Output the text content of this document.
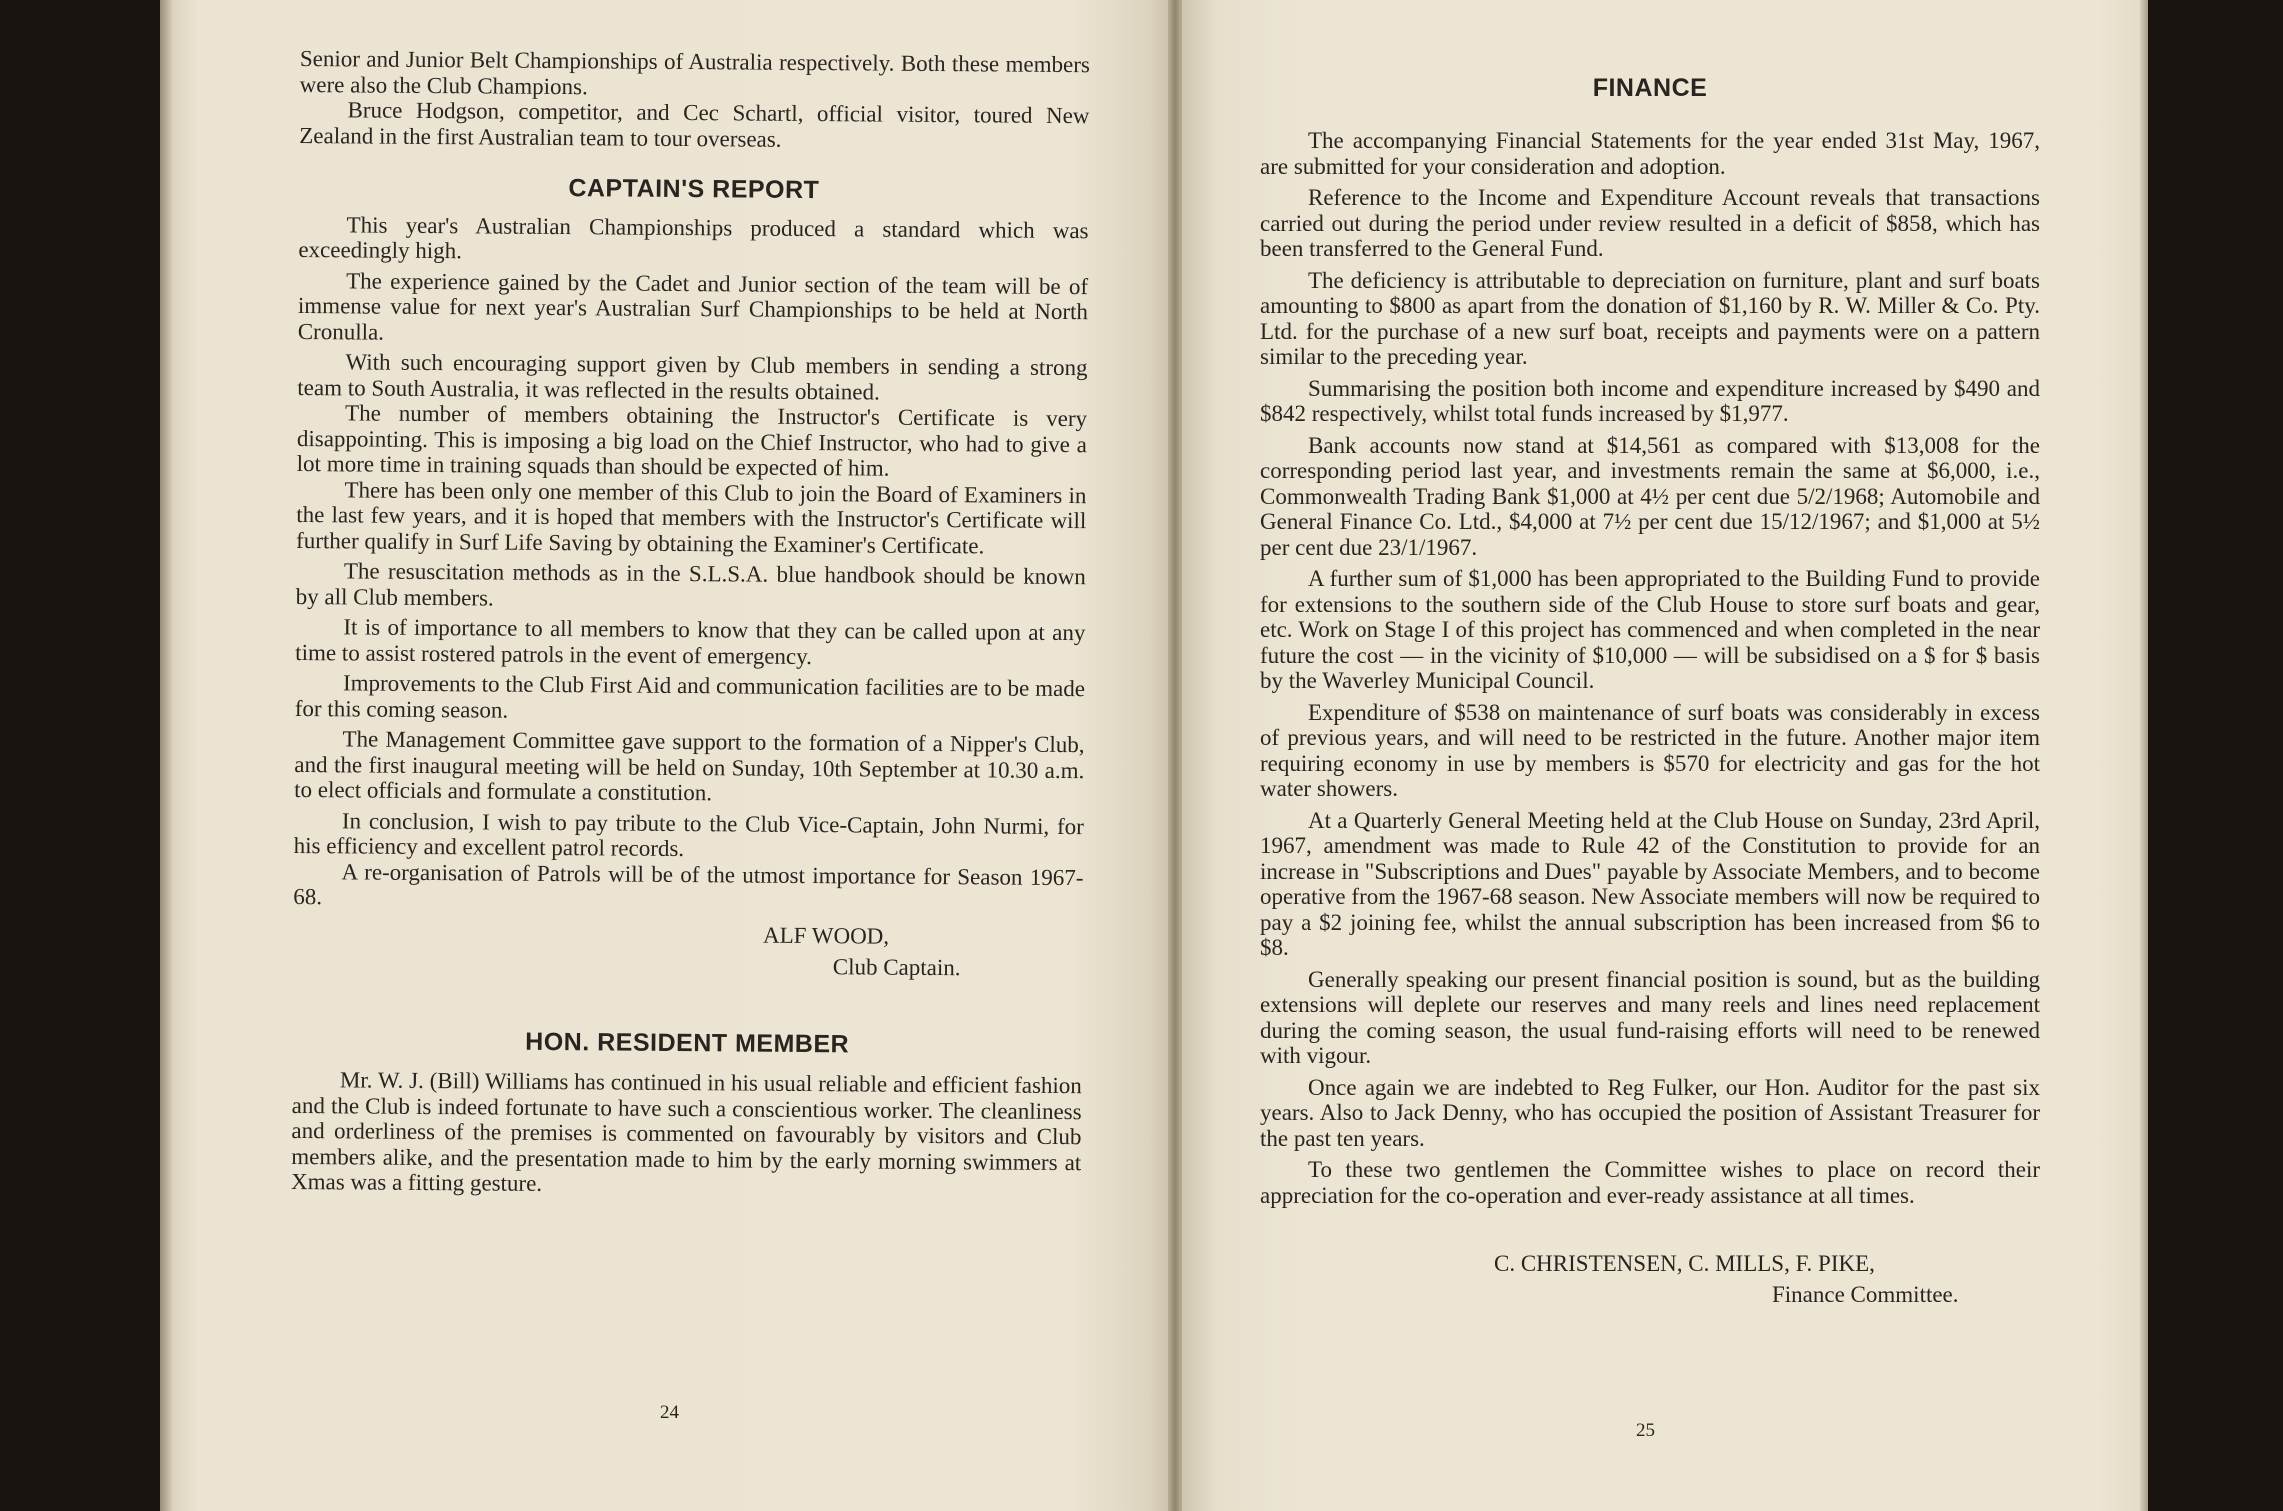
Senior and Junior Belt Championships of Australia respectively. Both these members were also the Club Champions.

Bruce Hodgson, competitor, and Cec Schartl, official visitor, toured New Zealand in the first Australian team to tour overseas.

CAPTAIN'S REPORT

This year's Australian Championships produced a standard which was exceedingly high.

The experience gained by the Cadet and Junior section of the team will be of immense value for next year's Australian Surf Championships to be held at North Cronulla.

With such encouraging support given by Club members in sending a strong team to South Australia, it was reflected in the results obtained.

The number of members obtaining the Instructor's Certificate is very disappointing. This is imposing a big load on the Chief Instructor, who had to give a lot more time in training squads than should be expected of him.

There has been only one member of this Club to join the Board of Examiners in the last few years, and it is hoped that members with the Instructor's Certificate will further qualify in Surf Life Saving by obtaining the Examiner's Certificate.

The resuscitation methods as in the S.L.S.A. blue handbook should be known by all Club members.

It is of importance to all members to know that they can be called upon at any time to assist rostered patrols in the event of emergency.

Improvements to the Club First Aid and communication facilities are to be made for this coming season.

The Management Committee gave support to the formation of a Nipper's Club, and the first inaugural meeting will be held on Sunday, 10th September at 10.30 a.m. to elect officials and formulate a constitution.

In conclusion, I wish to pay tribute to the Club Vice-Captain, John Nurmi, for his efficiency and excellent patrol records.

A re-organisation of Patrols will be of the utmost importance for Season 1967-68.

ALF WOOD,

Club Captain.

HON. RESIDENT MEMBER

Mr. W. J. (Bill) Williams has continued in his usual reliable and efficient fashion and the Club is indeed fortunate to have such a conscientious worker. The cleanliness and orderliness of the premises is commented on favourably by visitors and Club members alike, and the presentation made to him by the early morning swimmers at Xmas was a fitting gesture.

24

FINANCE

The accompanying Financial Statements for the year ended 31st May, 1967, are submitted for your consideration and adoption.

Reference to the Income and Expenditure Account reveals that transactions carried out during the period under review resulted in a deficit of $858, which has been transferred to the General Fund.

The deficiency is attributable to depreciation on furniture, plant and surf boats amounting to $800 as apart from the donation of $1,160 by R. W. Miller & Co. Pty. Ltd. for the purchase of a new surf boat, receipts and payments were on a pattern similar to the preceding year.

Summarising the position both income and expenditure increased by $490 and $842 respectively, whilst total funds increased by $1,977.

Bank accounts now stand at $14,561 as compared with $13,008 for the corresponding period last year, and investments remain the same at $6,000, i.e., Commonwealth Trading Bank $1,000 at 4½ per cent due 5/2/1968; Automobile and General Finance Co. Ltd., $4,000 at 7½ per cent due 15/12/1967; and $1,000 at 5½ per cent due 23/1/1967.

A further sum of $1,000 has been appropriated to the Building Fund to provide for extensions to the southern side of the Club House to store surf boats and gear, etc. Work on Stage I of this project has commenced and when completed in the near future the cost — in the vicinity of $10,000 — will be subsidised on a $ for $ basis by the Waverley Municipal Council.

Expenditure of $538 on maintenance of surf boats was considerably in excess of previous years, and will need to be restricted in the future. Another major item requiring economy in use by members is $570 for electricity and gas for the hot water showers.

At a Quarterly General Meeting held at the Club House on Sunday, 23rd April, 1967, amendment was made to Rule 42 of the Constitution to provide for an increase in "Subscriptions and Dues" payable by Associate Members, and to become operative from the 1967-68 season. New Associate members will now be required to pay a $2 joining fee, whilst the annual subscription has been increased from $6 to $8.

Generally speaking our present financial position is sound, but as the building extensions will deplete our reserves and many reels and lines need replacement during the coming season, the usual fund-raising efforts will need to be renewed with vigour.

Once again we are indebted to Reg Fulker, our Hon. Auditor for the past six years. Also to Jack Denny, who has occupied the position of Assistant Treasurer for the past ten years.

To these two gentlemen the Committee wishes to place on record their appreciation for the co-operation and ever-ready assistance at all times.

C. CHRISTENSEN, C. MILLS, F. PIKE,

Finance Committee.

25
